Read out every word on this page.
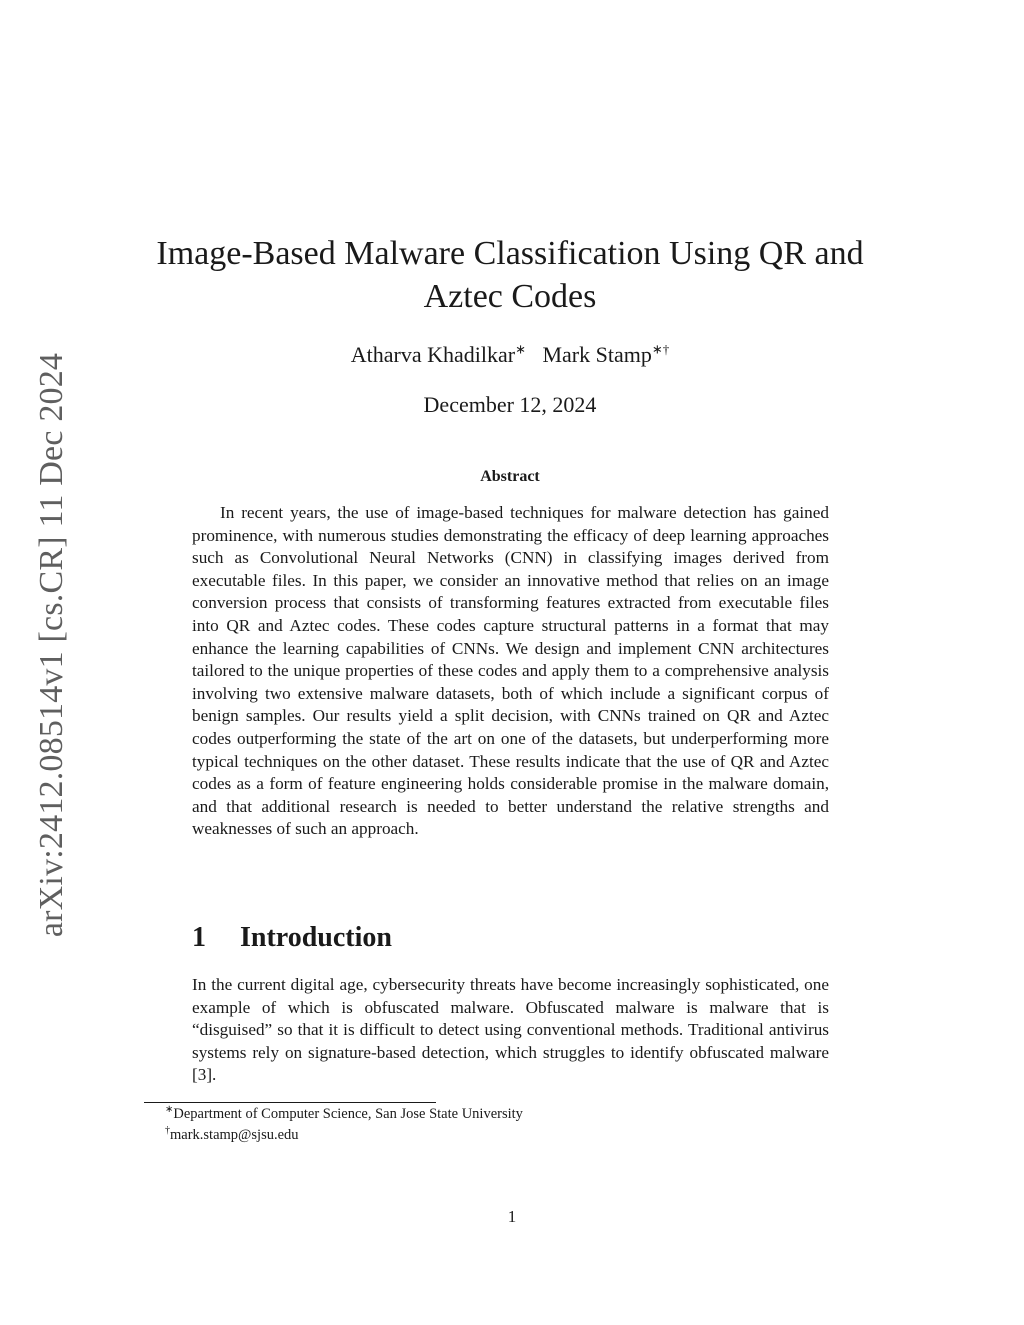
arXiv:2412.08514v1 [cs.CR] 11 Dec 2024
Image-Based Malware Classification Using QR and Aztec Codes
Atharva Khadilkar∗ Mark Stamp∗†
December 12, 2024
Abstract

In recent years, the use of image-based techniques for malware detection has gained prominence, with numerous studies demonstrating the efficacy of deep learning approaches such as Convolutional Neural Networks (CNN) in classifying images derived from executable files. In this paper, we consider an innovative method that relies on an image conversion process that consists of transforming features extracted from executable files into QR and Aztec codes. These codes capture structural patterns in a format that may enhance the learning capabilities of CNNs. We design and implement CNN architectures tailored to the unique properties of these codes and apply them to a comprehensive analysis involving two extensive malware datasets, both of which include a significant corpus of benign samples. Our results yield a split decision, with CNNs trained on QR and Aztec codes outperforming the state of the art on one of the datasets, but underperforming more typical techniques on the other dataset. These results indicate that the use of QR and Aztec codes as a form of feature engineering holds considerable promise in the malware domain, and that additional research is needed to better understand the relative strengths and weaknesses of such an approach.

1 Introduction

In the current digital age, cybersecurity threats have become increasingly sophisticated, one example of which is obfuscated malware. Obfuscated malware is malware that is “disguised” so that it is difficult to detect using conventional methods. Traditional antivirus systems rely on signature-based detection, which struggles to identify obfuscated malware [3].

∗Department of Computer Science, San Jose State University
†mark.stamp@sjsu.edu
1
